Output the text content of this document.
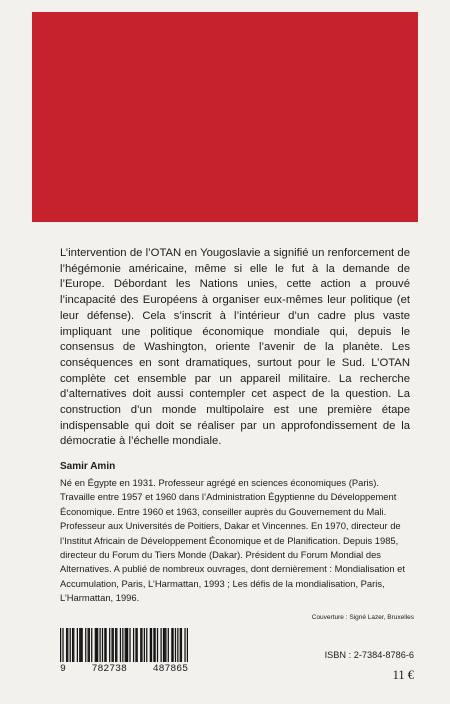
L’intervention de l’OTAN en Yougoslavie a signifié un renforcement de l’hégémonie américaine, même si elle le fut à la demande de l’Europe. Débordant les Nations unies, cette action a prouvé l’incapacité des Européens à organiser eux-mêmes leur politique (et leur défense). Cela s’inscrit à l’intérieur d’un cadre plus vaste impliquant une politique économique mondiale qui, depuis le consensus de Washington, oriente l’avenir de la planète. Les conséquences en sont dramatiques, surtout pour le Sud. L’OTAN complète cet ensemble par un appareil militaire. La recherche d’alternatives doit aussi contempler cet aspect de la question. La construction d’un monde multipolaire est une première étape indispensable qui doit se réaliser par un approfondissement de la démocratie à l’échelle mondiale.

Samir Amin

Né en Égypte en 1931. Professeur agrégé en sciences économiques (Paris). Travaille entre 1957 et 1960 dans l’Administration Égyptienne du Développement Économique. Entre 1960 et 1963, conseiller auprès du Gouvernement du Mali. Professeur aux Universités de Poitiers, Dakar et Vincennes. En 1970, directeur de l’Institut Africain de Développement Économique et de Planification. Depuis 1985, directeur du Forum du Tiers Monde (Dakar). Président du Forum Mondial des Alternatives. A publié de nombreux ouvrages, dont dernièrement : Mondialisation et Accumulation, Paris, L’Harmattan, 1993 ; Les défis de la mondialisation, Paris, L’Harmattan, 1996.

Couverture : Signé Lazer, Bruxelles

9	782738	487865

ISBN : 2-7384-8786-6

11 €
